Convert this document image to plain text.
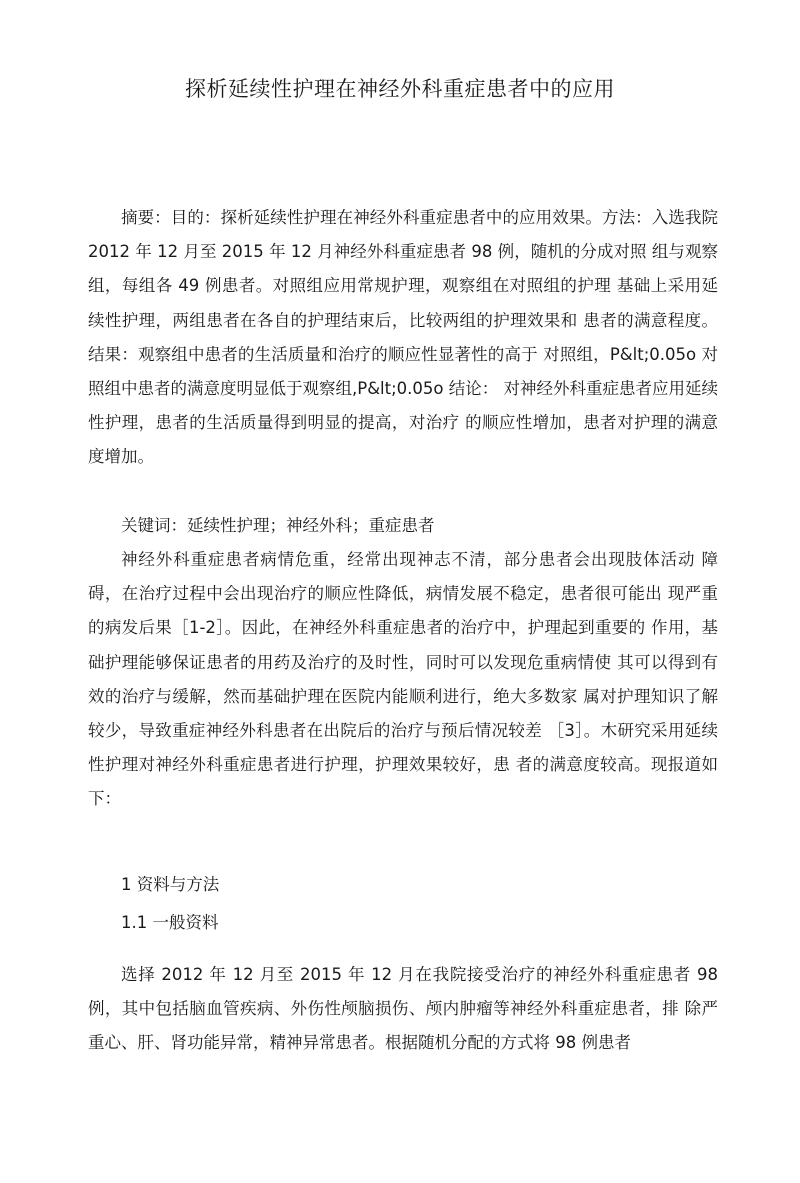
探析延续性护理在神经外科重症患者中的应用

摘要：目的：探析延续性护理在神经外科重症患者中的应用效果。方法：入选我院 2012 年 12 月至 2015 年 12 月神经外科重症患者 98 例，随机的分成对照 组与观察组，每组各 49 例患者。对照组应用常规护理，观察组在对照组的护理 基础上采用延续性护理，两组患者在各自的护理结束后，比较两组的护理效果和 患者的满意程度。结果：观察组中患者的生活质量和治疗的顺应性显著性的高于 对照组，P&lt;0.05o 对照组中患者的满意度明显低于观察组,P&lt;0.05o 结论： 对神经外科重症患者应用延续性护理，患者的生活质量得到明显的提高，对治疗 的顺应性增加，患者对护理的满意度增加。

关键词：延续性护理；神经外科；重症患者

神经外科重症患者病情危重，经常出现神志不清，部分患者会出现肢体活动 障碍，在治疗过程中会出现治疗的顺应性降低，病情发展不稳定，患者很可能出 现严重的病发后果［1-2］。因此，在神经外科重症患者的治疗中，护理起到重要的 作用，基础护理能够保证患者的用药及治疗的及时性，同时可以发现危重病情使 其可以得到有效的治疗与缓解，然而基础护理在医院内能顺利进行，绝大多数家 属对护理知识了解较少，导致重症神经外科患者在出院后的治疗与预后情况较差 ［3］。木研究采用延续性护理对神经外科重症患者进行护理，护理效果较好，患 者的满意度较高。现报道如下：

1 资料与方法

1.1 一般资料

选择 2012 年 12 月至 2015 年 12 月在我院接受治疗的神经外科重症患者 98 例，其中包括脑血管疾病、外伤性颅脑损伤、颅内肿瘤等神经外科重症患者，排 除严重心、肝、肾功能异常，精神异常患者。根据随机分配的方式将 98 例患者
